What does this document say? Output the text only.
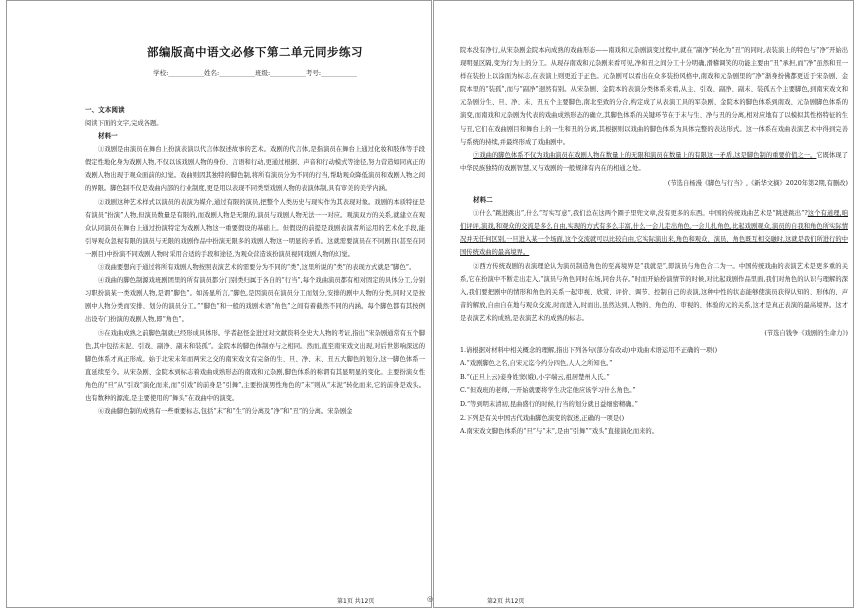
部编版高中语文必修下第二单元同步练习
学校:___________姓名:___________班级:___________考号:___________
一、文本阅读
阅读下面的文字,完成各题。
材料一
①戏剧是由演员在舞台上扮演表演以代言体叙述故事的艺术。戏剧的代言体,是指演员在舞台上通过化妆和肢体等手段假定性地化身为戏剧人物,不仅以该戏剧人物的身份、言语和行动,更通过根据、声音和行动模式等途径,努力营造如同真正的戏剧人物出现于观众面前的幻觉。戏曲则因其独特的脚色制,将所有演员分为不同的行当,帮助观众降低演员和戏剧人物之间的界限。脚色制不仅是戏曲内部的行业制度,更是用以表现不同类型戏剧人物的表演体制,具有审美的美学内涵。
②戏剧这种艺术样式以演员的表演为媒介,通过有限的演员,把整个人类历史与现实作为其表现对象。戏剧的本质特征是有演员“扮演”人物,但演员数量是有限的,而戏剧人物是无限的,演员与戏剧人物无法一一对应。观演双方的关系,就建立在观众认同演员在舞台上通过扮演特定为戏剧人物这一重要假设的基础上。但假设的前提是戏剧表演者所运用的艺术化手段,能引导观众忽视有限的演员与无限的戏剧作品中扮演无限多的戏剧人物这一明显的矛盾。这就需要演员在不同剧目(甚至在同一剧目)中扮演不同戏剧人物时采用合适的手段和途径,为观众营造该扮演员视同戏剧人物的幻觉。
③戏曲要想向于通过将所有戏剧人物按照表演艺术的需要分为不同的“类”,这里所说的“类”的表现方式就是“脚色”。
④戏曲的脚色制源戏班剧团里的所有演员都分门别类归属于各自的“行当”,每个戏曲演员都有相对固定的具体分工,分别习职扮演某一类戏剧人物,是谓“脚色”。如汤显所言,“脚色,是因演员在演员分工而划分,安排的剧中人物的分类,同时又是按剧中人物分类而安排、划分的演员分工。”“脚色”和一般的戏剧术语“角色”之间有着截然不同的内涵。每个脚色都有其按例出设专门扮演的戏剧人物,即“角色”。
⑤在戏曲成熟之前脚色制就已经形成具体形。学者赵怪金进过对文献资料全史大人物的考证,指出“宋杂剧通常有五个脚色,其中包括末泥、引戏、副净、副末和装孤”。金院本的脚色体制亦与之相同。然而,直至南宋戏文出现,对后世影响深远的脚色体系才真正形成。始于北宋末年而两宋之交的南宋戏文有完备的生、旦、净、末、丑五大脚色的划分,这一脚色体系一直延续至今。从宋杂剧、金院本到标志着戏曲成熟形态的南戏和元杂剧,脚色体系的称谓有其显明显的变化。主要扮演女性角色的“旦”从“引戏”演化而来,而“引戏”的前身是“引舞”,主要扮演男性角色的“末”则从“末泥”转化而来,它的前身是戏头。也有数种的源流,是主要使用的“舞头”在戏曲中的演变。
⑥戏曲脚色制的成熟有一些重要标志,包括“末”和“生”的分离及“净”和“丑”的分离。宋杂剧金
院本没有净行,从宋杂剧金院本向成熟的戏曲形态——南戏和元杂剧演变过程中,就在“副净”转化为“丑”的同时,表装演上的特色与“净”开始出现明显区隔,变为行为上的分工。从现存南戏和元杂剧来看可见,净和丑之间分工十分明确,滑稽调笑的功能主要由“丑”承担,而“净”虽然和丑一样在装扮上以涂面为标志,在表演上则更近于正色。元杂剧可以看出在众多装扮风格中,南戏和元杂剧里的“净”渐身扮佛都更近于宋杂剧、金院本里的“装孤”,而与“副净”迥然有别。从宋杂剧、金院本的表演分类体系来看,从主、引戏、副净、副末、装孤五个主要脚色,到南宋戏文和元杂剧分生、旦、净、末、丑五个主要脚色,南北至致的分合,构定成了从表演工具的军杂剧、金院本的脚色体系到南戏、元杂剧脚色体系的演变,而南戏和元杂剧为代表的戏曲成熟形态的确立,其脚色体系的关键环节在于末与生、净与丑的分离,相对应地有了以模拟其性格特征的生与丑,它们在戏曲剧目和舞台上的一生和丑的分离,其根据则以戏曲的脚色体系为具体完整的表达形式。这一体系在戏曲表演艺术中得到完善与系统的持续,并最终形成了戏曲剧中。
⑦戏曲的脚色体系不仅为戏曲演员在戏剧人物在数量上的无限和演员在数量上的有限这一矛盾,这是脚色制的重要价值之一。它既体现了中华民族独特的戏剧智慧,又与戏剧的一般规律有内在的相通之处。
(节选自杨漫《脚色与行当》,《新华文摘》2020年第2期,有删改)
材料二
①什么“跳进跳出”,什么“写实写意”,我们总在这两个圈子里兜文章,没有更多的东西。中国的传统戏曲艺术是“跳进跳出”?这个有道理,咱们评评,演戏,和观众的交流是多么自由,实现的方式有多么丰富,什么一会儿走出角色,一会儿扎角色,比起戏剧观众,演员的自我和角色所实际情况并无任何区别,一旦进入某一个场面,这个交流就可以比较自由,它实际演出来,角色和观众、演员、角色既互相交融时,这就是我们所进行的中国传统戏曲的最高境界。
②西方传统戏剧的表演理论认为演员制造角色的至高境界是“我就是”,即演员与角色合二为一。中国传统戏曲的表演艺术是更多重的关系,它在扮演中不断走出走入,“演员与角色同时在场,同台共存。”时而开始扮演情节的时候,对比起戏剧作品里面,我们对角色的认识与理解的深入,我们要把剧中的情形和角色的关系一起审视、欣赏、评价、调节、控制自己的表演,这种中性的状态能够使演员获得认知的、形体的、声音的解放,自由自在地与观众交流,时而进入,时而出,虽然达到,人物的、角色的、审视的、体验的元的关系,这才是真正表演的最高境界。这才是表演艺术的成熟,是表演艺术的成熟的标志。
(节选自钱争《戏剧的生命力》)
1.请根据对材料中相关概念的理解,指出下列各句(部分有改动)中戏曲术语运用不正确的一项()
A.“戏剧脚色之名,自宋元迄今约分四色,人人之所知也。”
B.“(正旦上云)妾身姓窦(娥),小字端云,祖居楚州人氏。”
C.“但戏班的老师,一开始就要将学生决定他应该学习什么角色。”
D.“等到明末清初,昆曲盛行的时候,行当的划分就日益细密精确。”
2.下列是有关中国古代戏曲脚色演变的叙述,正确的一项是()
A.南宋戏文脚色体系的“旦”与“末”,是由“引舞”“戏头”直接演化而来的。
第1页 共12页	◎	第2页 共12页
